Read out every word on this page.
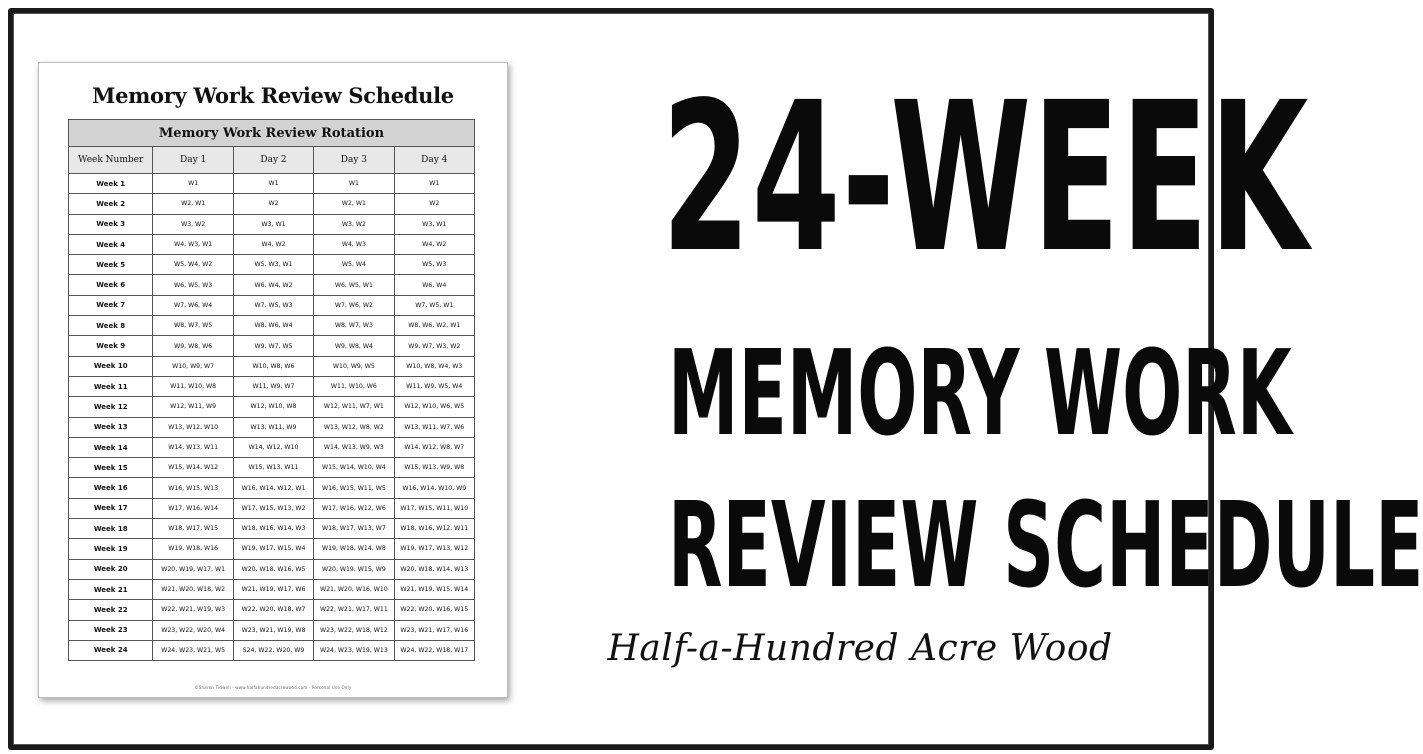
Memory Work Review Schedule
Memory Work Review Rotation				
Week Number	Day 1	Day 2	Day 3	Day 4
Week 1	W1	W1	W1	W1
Week 2	W2, W1	W2	W2, W1	W2
Week 3	W3, W2	W3, W1	W3, W2	W3, W1
Week 4	W4, W3, W1	W4, W2	W4, W3	W4, W2
Week 5	W5, W4, W2	W5, W3, W1	W5, W4	W5, W3
Week 6	W6, W5, W3	W6, W4, W2	W6, W5, W1	W6, W4
Week 7	W7, W6, W4	W7, W5, W3	W7, W6, W2	W7, W5, W1
Week 8	W8, W7, W5	W8, W6, W4	W8, W7, W3	W8, W6, W2, W1
Week 9	W9, W8, W6	W9, W7, W5	W9, W8, W4	W9, W7, W3, W2
Week 10	W10, W9, W7	W10, W8, W6	W10, W9, W5	W10, W8, W4, W3
Week 11	W11, W10, W8	W11, W9, W7	W11, W10, W6	W11, W9, W5, W4
Week 12	W12, W11, W9	W12, W10, W8	W12, W11, W7, W1	W12, W10, W6, W5
Week 13	W13, W12, W10	W13, W11, W9	W13, W12, W8, W2	W13, W11, W7, W6
Week 14	W14, W13, W11	W14, W12, W10	W14, W13, W9, W3	W14, W12, W8, W7
Week 15	W15, W14, W12	W15, W13, W11	W15, W14, W10, W4	W15, W13, W9, W8
Week 16	W16, W15, W13	W16, W14, W12, W1	W16, W15, W11, W5	W16, W14, W10, W9
Week 17	W17, W16, W14	W17, W15, W13, W2	W17, W16, W12, W6	W17, W15, W11, W10
Week 18	W18, W17, W15	W18, W16, W14, W3	W18, W17, W13, W7	W18, W16, W12, W11
Week 19	W19, W18, W16	W19, W17, W15, W4	W19, W18, W14, W8	W19, W17, W13, W12
Week 20	W20, W19, W17, W1	W20, W18, W16, W5	W20, W19, W15, W9	W20, W18, W14, W13
Week 21	W21, W20, W18, W2	W21, W19, W17, W6	W21, W20, W16, W10	W21, W19, W15, W14
Week 22	W22, W21, W19, W3	W22, W20, W18, W7	W22, W21, W17, W11	W22, W20, W16, W15
Week 23	W23, W22, W20, W4	W23, W21, W19, W8	W23, W22, W18, W12	W23, W21, W17, W16
Week 24	W24, W23, W21, W5	S24, W22, W20, W9	W24, W23, W19, W13	W24, W22, W18, W17
©Sharon Tidwell · www.halfahundredacrewood.com · Personal Use Only
24-WEEK
MEMORY WORK
REVIEW SCHEDULE
Half-a-Hundred Acre Wood
